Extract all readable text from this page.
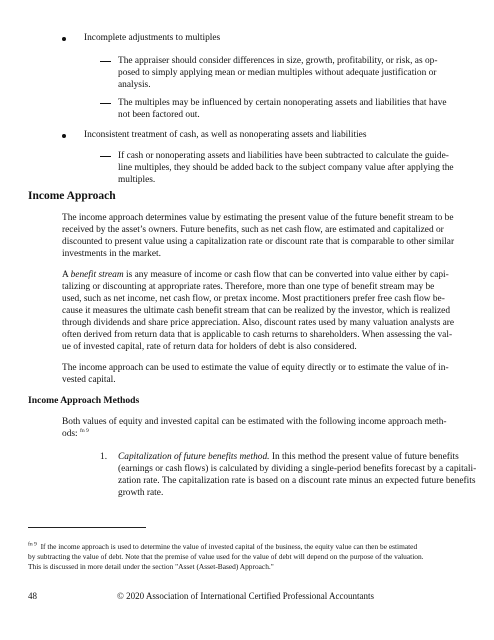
Incomplete adjustments to multiples

The appraiser should consider differences in size, growth, profitability, or risk, as op-

posed to simply applying mean or median multiples without adequate justification or

analysis.

The multiples may be influenced by certain nonoperating assets and liabilities that have

not been factored out.

Inconsistent treatment of cash, as well as nonoperating assets and liabilities

If cash or nonoperating assets and liabilities have been subtracted to calculate the guide-

line multiples, they should be added back to the subject company value after applying the

multiples.

Income Approach

The income approach determines value by estimating the present value of the future benefit stream to be

received by the asset’s owners. Future benefits, such as net cash flow, are estimated and capitalized or

discounted to present value using a capitalization rate or discount rate that is comparable to other similar

investments in the market.

A benefit stream is any measure of income or cash flow that can be converted into value either by capi-

talizing or discounting at appropriate rates. Therefore, more than one type of benefit stream may be

used, such as net income, net cash flow, or pretax income. Most practitioners prefer free cash flow be-

cause it measures the ultimate cash benefit stream that can be realized by the investor, which is realized

through dividends and share price appreciation. Also, discount rates used by many valuation analysts are

often derived from return data that is applicable to cash returns to shareholders. When assessing the val-

ue of invested capital, rate of return data for holders of debt is also considered.

The income approach can be used to estimate the value of equity directly or to estimate the value of in-

vested capital.

Income Approach Methods

Both values of equity and invested capital can be estimated with the following income approach meth-

ods: $^{fn 9}$

1. Capitalization of future benefits method. In this method the present value of future benefits

(earnings or cash flows) is calculated by dividing a single-period benefits forecast by a capitali-

zation rate. The capitalization rate is based on a discount rate minus an expected future benefits

growth rate.

$^{fn 9}$ If the income approach is used to determine the value of invested capital of the business, the equity value can then be estimated

by subtracting the value of debt. Note that the premise of value used for the value of debt will depend on the purpose of the valuation.

This is discussed in more detail under the section "Asset (Asset-Based) Approach."

48	© 2020 Association of International Certified Professional Accountants
